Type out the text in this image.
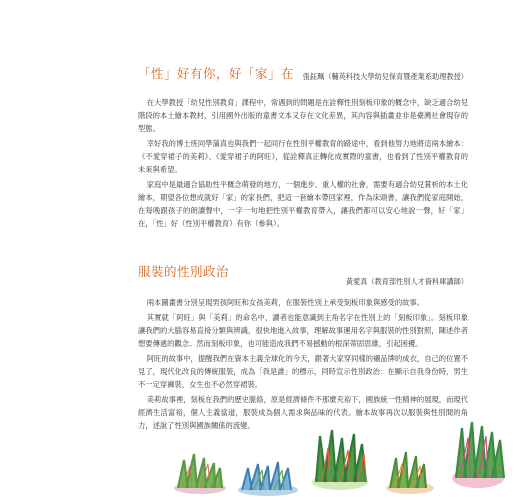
「性」好有你，好「家」在 張鈺珮（輔英科技大學幼兒保育暨產業系助理教授）

在大學教授「幼兒性別教育」課程中，常遇到的問題是在詮釋性別刻板印象的概念中，缺乏適合幼兒階段的本土繪本教材，引用國外出版的童書文本又存在文化差異，其內容與插畫並非是臺灣社會現存的型態。

幸好我的博士班同學蒲真也與我們一起同行在性別平權教育的路途中，看到他努力地將這兩本繪本：《不愛穿裙子的美莉》、《愛穿裙子的阿旺》，從詮釋真正轉化成實際的童書，也看到了性別平權教育的未來與希望。

家庭中是最適合協助性平概念萌發的地方，一個進步、重人權的社會，需要有適合幼兒賞析的本土化繪本，期望各位想成就好「家」的家長們，把這一套繪本帶回家裡，作為床頭書，讓我們從家庭開始，在每晚跟孩子的朗讀聲中，一字一句地把性別平權教育帶入，讓我們都可以安心地說一聲，好「家」在，「性」好（性別平權教育）有你（參與）。

服裝的性別政治
黃愛真（教育部性別人才資料庫講師）

兩本圖畫書分別呈現男孩阿旺和女孩美莉，在服裝性別上承受刻板印象與感受的故事。

其實就「阿旺」與「美莉」的命名中，讀者也能意識到主角名字在性別上的「刻板印象」。刻板印象讓我們的大腦容易直接分類與辨識，很快地進入故事，理解故事運用名字與服裝的性別對照，陳述作者想要傳遞的觀念。然而刻板印象，也可能造成我們不易撼動的根深蒂固思維，引起困擾。

阿旺的故事中，提醒我們在資本主義全球化的今天，銀著大家穿同樣的襯品牌的成衣，自己的位置不見了，現代化改良的傳統服裝，成為「我是誰」的標示，同時宣示性別政治：在顯示自我身份時，男生不一定穿褲裝，女生也不必然穿裙裝。

美莉故事裡，刻板在我們的歷史脈絡，原是經濟條件不那麼充裕下，國族統一性精神的展現，而現代經濟生活富裕，個人主義當道，服裝成為個人需求與品味的代表。繪本故事再次以服裝與性別間的角力，述說了性別與國族關係的流變。
